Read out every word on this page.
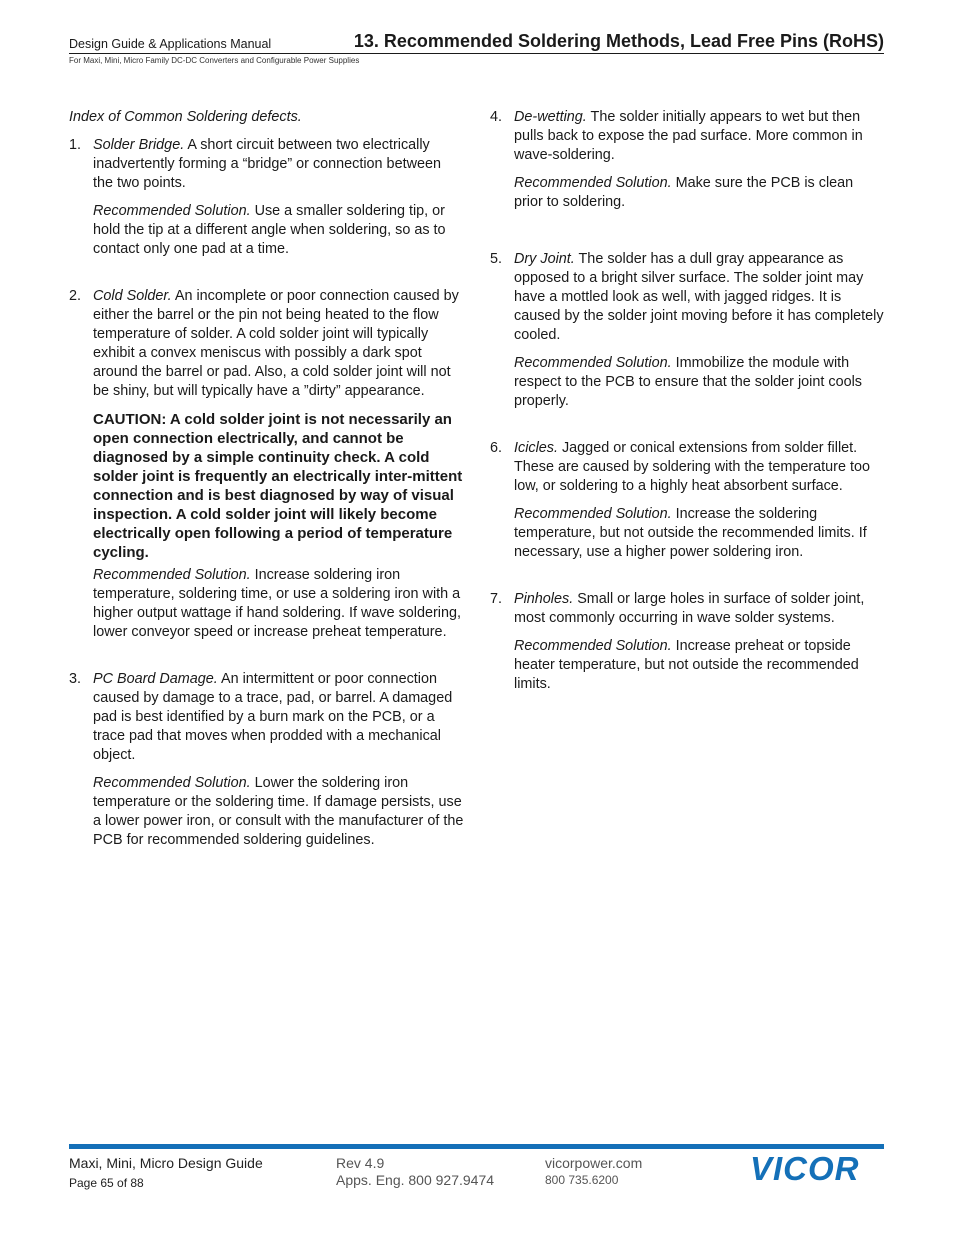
Design Guide & Applications Manual	13. Recommended Soldering Methods, Lead Free Pins (RoHS)
For Maxi, Mini, Micro Family DC-DC Converters and Configurable Power Supplies

Index of Common Soldering defects.

1. Solder Bridge. A short circuit between two electrically inadvertently forming a “bridge” or connection between the two points.

Recommended Solution. Use a smaller soldering tip, or hold the tip at a different angle when soldering, so as to contact only one pad at a time.

2. Cold Solder. An incomplete or poor connection caused by either the barrel or the pin not being heated to the flow temperature of solder. A cold solder joint will typically exhibit a convex meniscus with possibly a dark spot around the barrel or pad. Also, a cold solder joint will not be shiny, but will typically have a ”dirty” appearance.

CAUTION: A cold solder joint is not necessarily an open connection electrically, and cannot be diagnosed by a simple continuity check. A cold solder joint is frequently an electrically inter-mittent connection and is best diagnosed by way of visual inspection. A cold solder joint will likely become electrically open following a period of temperature cycling.

Recommended Solution. Increase soldering iron temperature, soldering time, or use a soldering iron with a higher output wattage if hand soldering. If wave soldering, lower conveyor speed or increase preheat temperature.

3. PC Board Damage. An intermittent or poor connection caused by damage to a trace, pad, or barrel. A damaged pad is best identified by a burn mark on the PCB, or a trace pad that moves when prodded with a mechanical object.

Recommended Solution. Lower the soldering iron temperature or the soldering time. If damage persists, use a lower power iron, or consult with the manufacturer of the PCB for recommended soldering guidelines.

4. De-wetting. The solder initially appears to wet but then pulls back to expose the pad surface. More common in wave-soldering.

Recommended Solution. Make sure the PCB is clean prior to soldering.

5. Dry Joint. The solder has a dull gray appearance as opposed to a bright silver surface. The solder joint may have a mottled look as well, with jagged ridges. It is caused by the solder joint moving before it has completely cooled.

Recommended Solution. Immobilize the module with respect to the PCB to ensure that the solder joint cools properly.

6. Icicles. Jagged or conical extensions from solder fillet. These are caused by soldering with the temperature too low, or soldering to a highly heat absorbent surface.

Recommended Solution. Increase the soldering temperature, but not outside the recommended limits. If necessary, use a higher power soldering iron.

7. Pinholes. Small or large holes in surface of solder joint, most commonly occurring in wave solder systems.

Recommended Solution. Increase preheat or topside heater temperature, but not outside the recommended limits.

Maxi, Mini, Micro Design Guide
Page 65 of 88
Rev 4.9
Apps. Eng. 800 927.9474
vicorpower.com
800 735.6200	VICOR
